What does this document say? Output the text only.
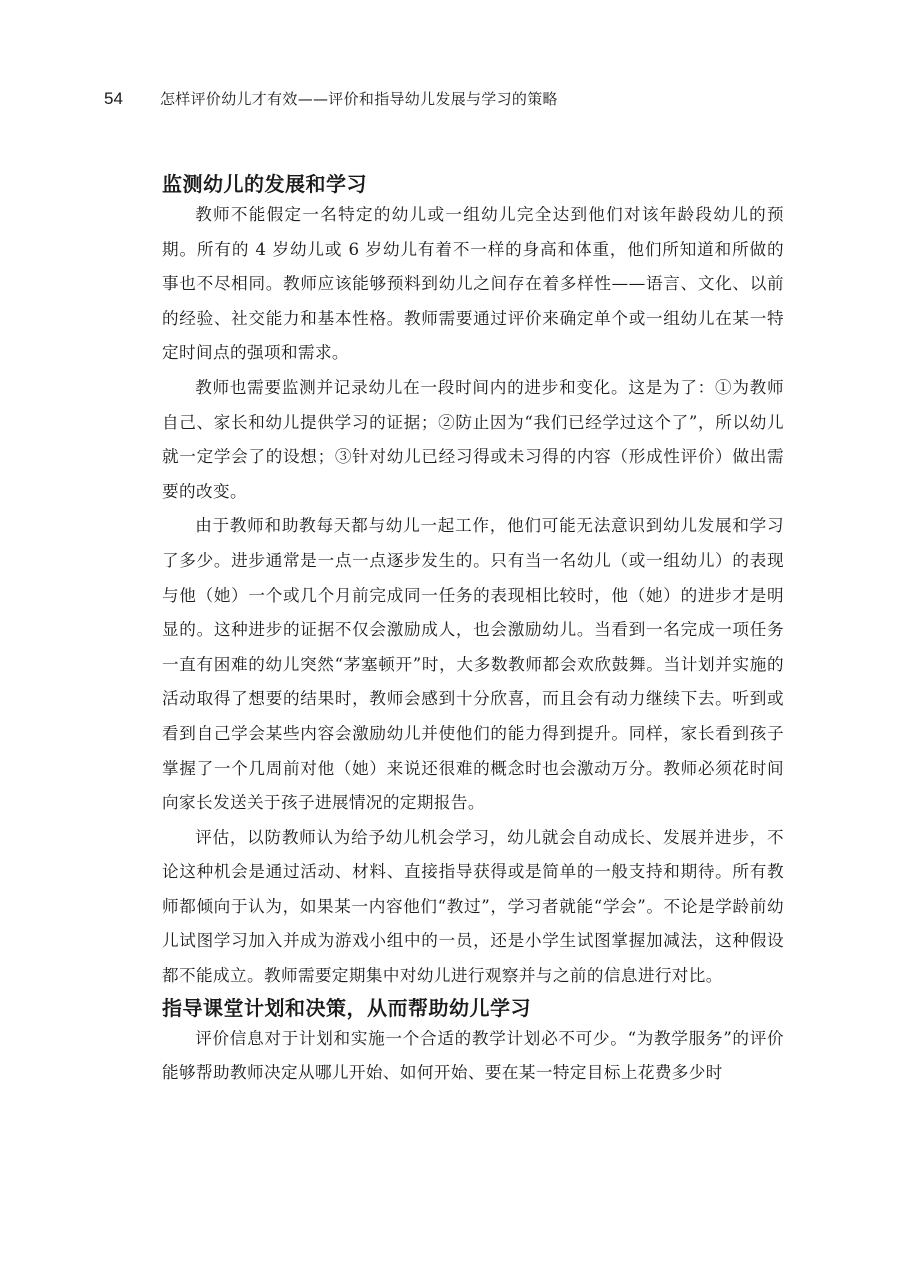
54	怎样评价幼儿才有效——评价和指导幼儿发展与学习的策略
监测幼儿的发展和学习

教师不能假定一名特定的幼儿或一组幼儿完全达到他们对该年龄段幼儿的预期。所有的 4 岁幼儿或 6 岁幼儿有着不一样的身高和体重，他们所知道和所做的事也不尽相同。教师应该能够预料到幼儿之间存在着多样性——语言、文化、以前的经验、社交能力和基本性格。教师需要通过评价来确定单个或一组幼儿在某一特定时间点的强项和需求。

教师也需要监测并记录幼儿在一段时间内的进步和变化。这是为了：①为教师自己、家长和幼儿提供学习的证据；②防止因为“我们已经学过这个了”，所以幼儿就一定学会了的设想；③针对幼儿已经习得或未习得的内容（形成性评价）做出需要的改变。

由于教师和助教每天都与幼儿一起工作，他们可能无法意识到幼儿发展和学习了多少。进步通常是一点一点逐步发生的。只有当一名幼儿（或一组幼儿）的表现与他（她）一个或几个月前完成同一任务的表现相比较时，他（她）的进步才是明显的。这种进步的证据不仅会激励成人，也会激励幼儿。当看到一名完成一项任务一直有困难的幼儿突然“茅塞顿开”时，大多数教师都会欢欣鼓舞。当计划并实施的活动取得了想要的结果时，教师会感到十分欣喜，而且会有动力继续下去。听到或看到自己学会某些内容会激励幼儿并使他们的能力得到提升。同样，家长看到孩子掌握了一个几周前对他（她）来说还很难的概念时也会激动万分。教师必须花时间向家长发送关于孩子进展情况的定期报告。

评估，以防教师认为给予幼儿机会学习，幼儿就会自动成长、发展并进步，不论这种机会是通过活动、材料、直接指导获得或是简单的一般支持和期待。所有教师都倾向于认为，如果某一内容他们“教过”，学习者就能“学会”。不论是学龄前幼儿试图学习加入并成为游戏小组中的一员，还是小学生试图掌握加减法，这种假设都不能成立。教师需要定期集中对幼儿进行观察并与之前的信息进行对比。

指导课堂计划和决策，从而帮助幼儿学习

评价信息对于计划和实施一个合适的教学计划必不可少。“为教学服务”的评价能够帮助教师决定从哪儿开始、如何开始、要在某一特定目标上花费多少时
